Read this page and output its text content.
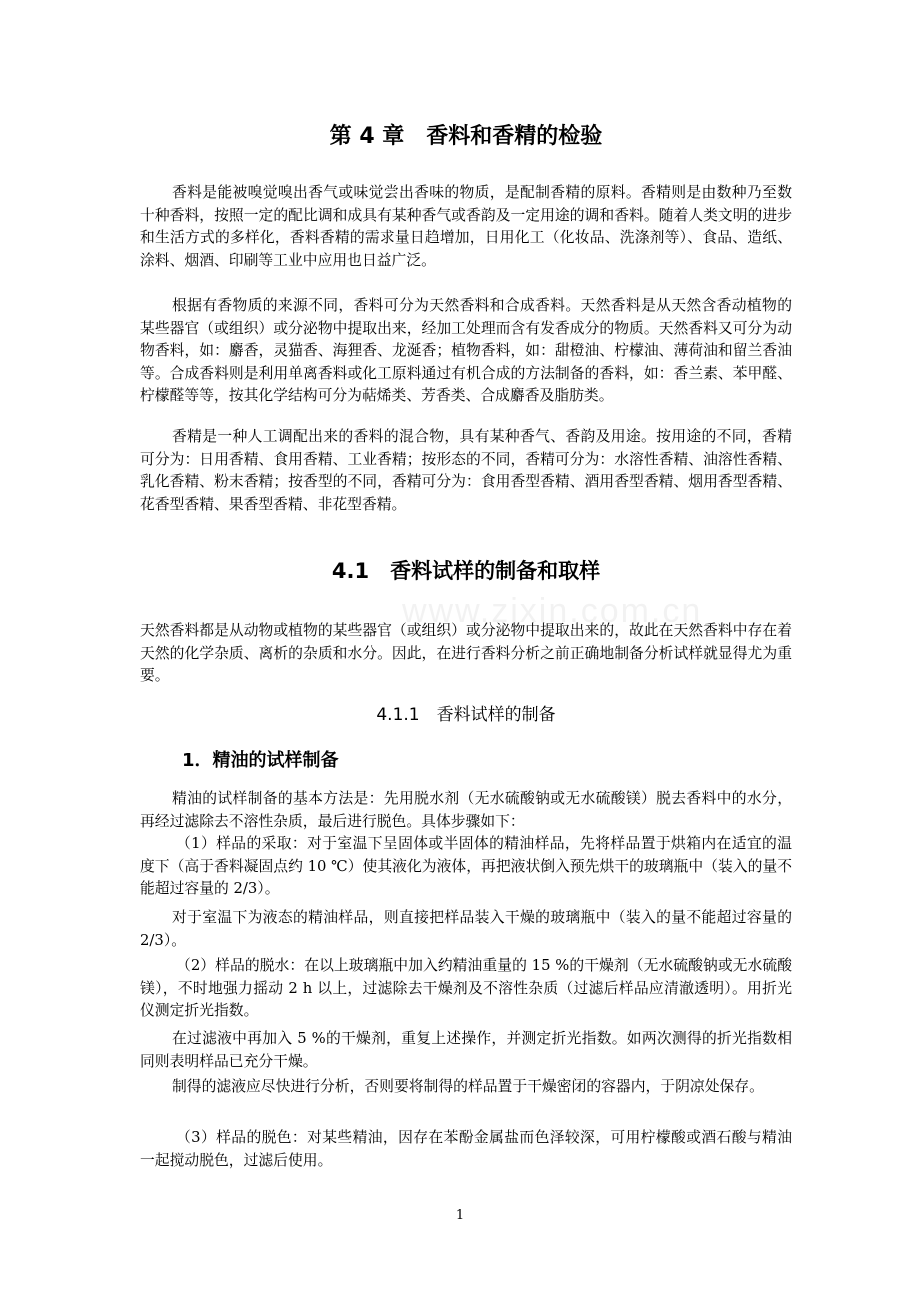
第 4 章　香料和香精的检验

香料是能被嗅觉嗅出香气或味觉尝出香味的物质，是配制香精的原料。香精则是由数种乃至数十种香料，按照一定的配比调和成具有某种香气或香韵及一定用途的调和香料。随着人类文明的进步和生活方式的多样化，香料香精的需求量日趋增加，日用化工（化妆品、洗涤剂等）、食品、造纸、涂料、烟酒、印刷等工业中应用也日益广泛。

根据有香物质的来源不同，香料可分为天然香料和合成香料。天然香料是从天然含香动植物的某些器官（或组织）或分泌物中提取出来，经加工处理而含有发香成分的物质。天然香料又可分为动物香料，如：麝香，灵猫香、海狸香、龙涎香；植物香料，如：甜橙油、柠檬油、薄荷油和留兰香油等。合成香料则是利用单离香料或化工原料通过有机合成的方法制备的香料，如：香兰素、苯甲醛、柠檬醛等等，按其化学结构可分为萜烯类、芳香类、合成麝香及脂肪类。

香精是一种人工调配出来的香料的混合物，具有某种香气、香韵及用途。按用途的不同，香精可分为：日用香精、食用香精、工业香精；按形态的不同，香精可分为：水溶性香精、油溶性香精、乳化香精、粉末香精；按香型的不同，香精可分为：食用香型香精、酒用香型香精、烟用香型香精、花香型香精、果香型香精、非花型香精。

4.1　香料试样的制备和取样
www.zixin.com.cn

天然香料都是从动物或植物的某些器官（或组织）或分泌物中提取出来的，故此在天然香料中存在着天然的化学杂质、离析的杂质和水分。因此，在进行香料分析之前正确地制备分析试样就显得尤为重要。

4.1.1　香料试样的制备
1．精油的试样制备

精油的试样制备的基本方法是：先用脱水剂（无水硫酸钠或无水硫酸镁）脱去香料中的水分，再经过滤除去不溶性杂质，最后进行脱色。具体步骤如下：

（1）样品的采取：对于室温下呈固体或半固体的精油样品，先将样品置于烘箱内在适宜的温度下（高于香料凝固点约 10 ℃）使其液化为液体，再把液状倒入预先烘干的玻璃瓶中（装入的量不能超过容量的 2/3）。

对于室温下为液态的精油样品，则直接把样品装入干燥的玻璃瓶中（装入的量不能超过容量的 2/3）。

（2）样品的脱水：在以上玻璃瓶中加入约精油重量的 15 %的干燥剂（无水硫酸钠或无水硫酸镁），不时地强力摇动 2 h 以上，过滤除去干燥剂及不溶性杂质（过滤后样品应清澈透明）。用折光仪测定折光指数。

在过滤液中再加入 5 %的干燥剂，重复上述操作，并测定折光指数。如两次测得的折光指数相同则表明样品已充分干燥。

制得的滤液应尽快进行分析，否则要将制得的样品置于干燥密闭的容器内，于阴凉处保存。

（3）样品的脱色：对某些精油，因存在苯酚金属盐而色泽较深，可用柠檬酸或酒石酸与精油一起搅动脱色，过滤后使用。

1
